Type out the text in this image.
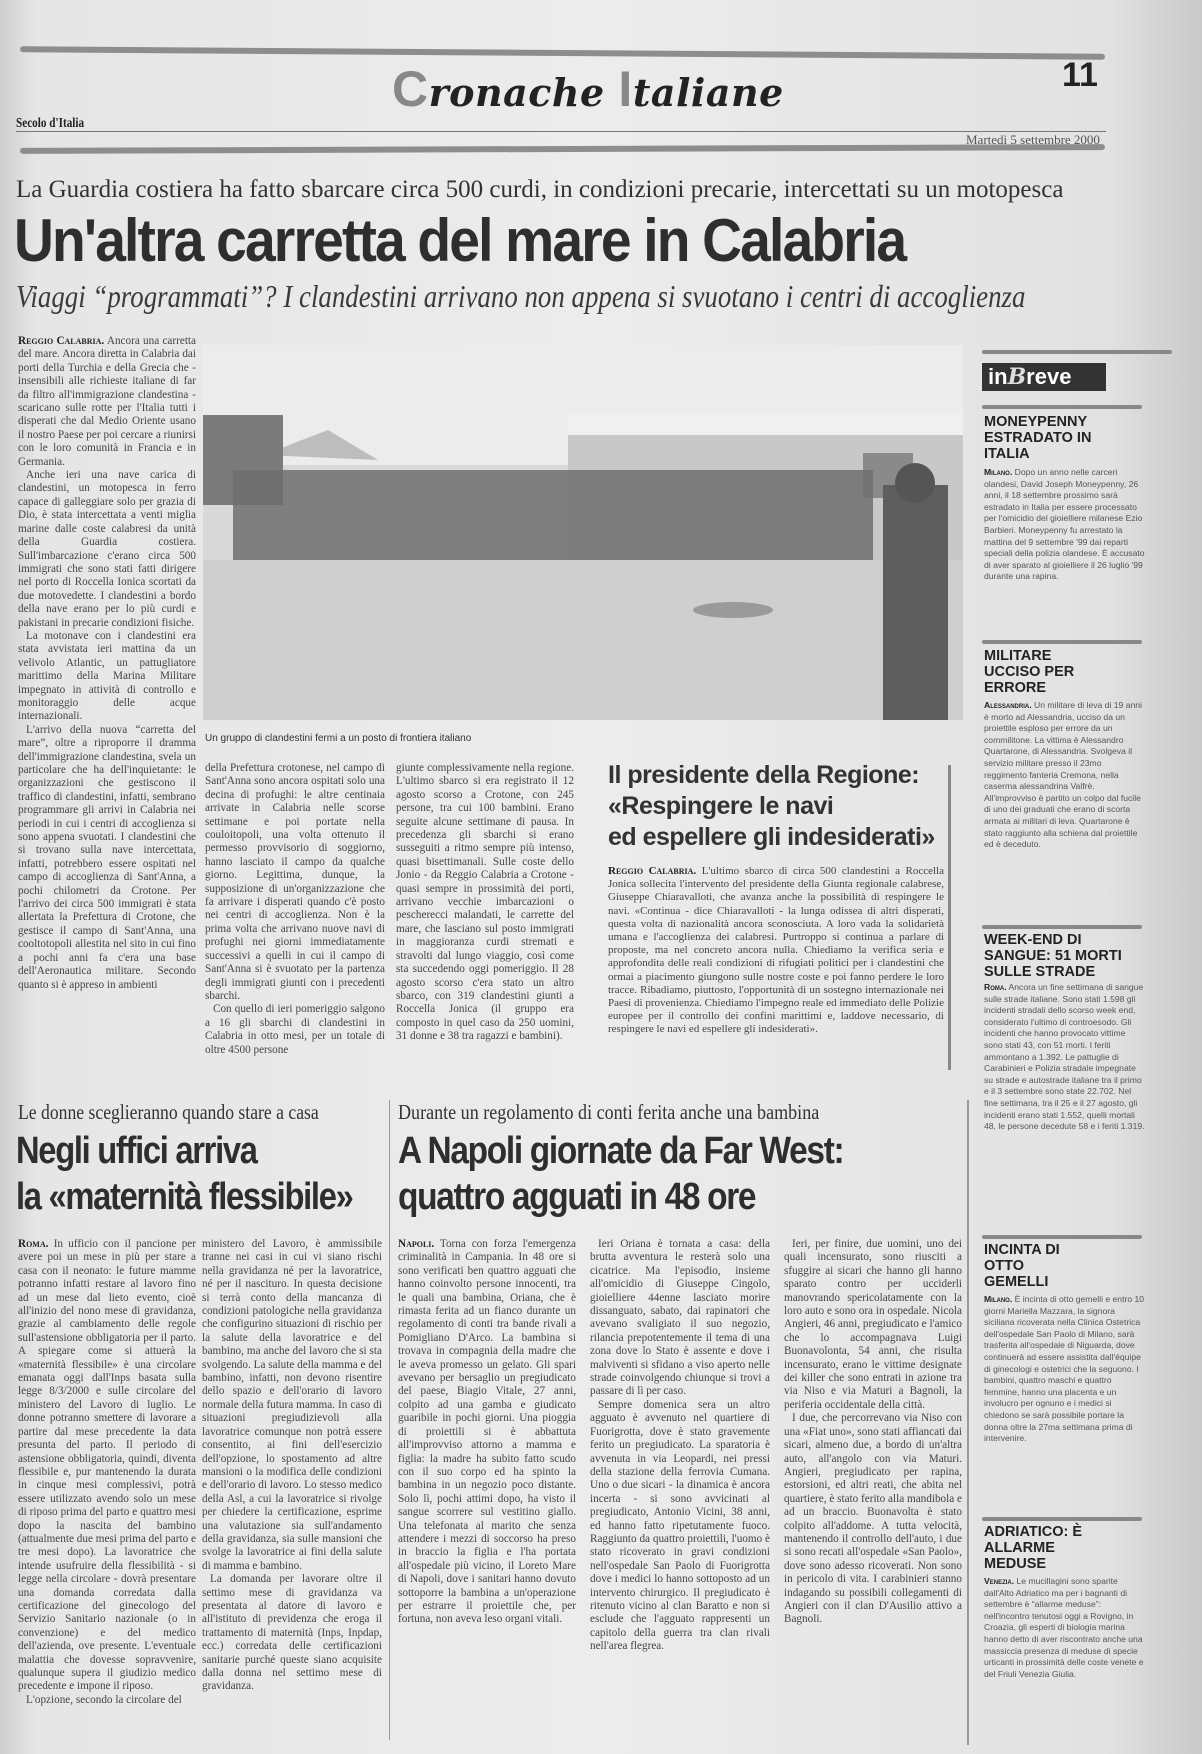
Cronache Italiane	11
Secolo d'Italia
Martedì 5 settembre 2000
La Guardia costiera ha fatto sbarcare circa 500 curdi, in condizioni precarie, intercettati su un motopesca
Un'altra carretta del mare in Calabria
Viaggi “programmati”? I clandestini arrivano non appena si svuotano i centri di accoglienza

Reggio Calabria. Ancora una carretta del mare. Ancora diretta in Calabria dai porti della Turchia e della Grecia che - insensibili alle richieste italiane di far da filtro all'immigrazione clandestina - scaricano sulle rotte per l'Italia tutti i disperati che dal Medio Oriente usano il nostro Paese per poi cercare a riunirsi con le loro comunità in Francia e in Germania.

Anche ieri una nave carica di clandestini, un motopesca in ferro capace di galleggiare solo per grazia di Dio, è stata intercettata a venti miglia marine dalle coste calabresi da unità della Guardia costiera. Sull'imbarcazione c'erano circa 500 immigrati che sono stati fatti dirigere nel porto di Roccella Ionica scortati da due motovedette. I clandestini a bordo della nave erano per lo più curdi e pakistani in precarie condizioni fisiche.

La motonave con i clandestini era stata avvistata ieri mattina da un velivolo Atlantic, un pattugliatore marittimo della Marina Militare impegnato in attività di controllo e monitoraggio delle acque internazionali.

L'arrivo della nuova “carretta del mare”, oltre a riproporre il dramma dell'immigrazione clandestina, svela un particolare che ha dell'inquietante: le organizzazioni che gestiscono il traffico di clandestini, infatti, sembrano programmare gli arrivi in Calabria nei periodi in cui i centri di accoglienza si sono appena svuotati. I clandestini che si trovano sulla nave intercettata, infatti, potrebbero essere ospitati nel campo di accoglienza di Sant'Anna, a pochi chilometri da Crotone. Per l'arrivo dei circa 500 immigrati è stata allertata la Prefettura di Crotone, che gestisce il campo di Sant'Anna, una cooltotopoli allestita nel sito in cui fino a pochi anni fa c'era una base dell'Aeronautica militare. Secondo quanto si è appreso in ambienti

Un gruppo di clandestini fermi a un posto di frontiera italiano

della Prefettura crotonese, nel campo di Sant'Anna sono ancora ospitati solo una decina di profughi: le altre centinaia arrivate in Calabria nelle scorse settimane e poi portate nella couloitopoli, una volta ottenuto il permesso provvisorio di soggiorno, hanno lasciato il campo da qualche giorno. Legittima, dunque, la supposizione di un'organizzazione che fa arrivare i disperati quando c'è posto nei centri di accoglienza. Non è la prima volta che arrivano nuove navi di profughi nei giorni immediatamente successivi a quelli in cui il campo di Sant'Anna si è svuotato per la partenza degli immigrati giunti con i precedenti sbarchi.

Con quello di ieri pomeriggio salgono a 16 gli sbarchi di clandestini in Calabria in otto mesi, per un totale di oltre 4500 persone

giunte complessivamente nella regione. L'ultimo sbarco si era registrato il 12 agosto scorso a Crotone, con 245 persone, tra cui 100 bambini. Erano seguite alcune settimane di pausa. In precedenza gli sbarchi si erano susseguiti a ritmo sempre più intenso, quasi bisettimanali. Sulle coste dello Jonio - da Reggio Calabria a Crotone - quasi sempre in prossimità dei porti, arrivano vecchie imbarcazioni o pescherecci malandati, le carrette del mare, che lasciano sul posto immigrati in maggioranza curdi stremati e stravolti dal lungo viaggio, così come sta succedendo oggi pomeriggio. Il 28 agosto scorso c'era stato un altro sbarco, con 319 clandestini giunti a Roccella Jonica (il gruppo era composto in quel caso da 250 uomini, 31 donne e 38 tra ragazzi e bambini).

Il presidente della Regione:
«Respingere le navi
ed espellere gli indesiderati»

Reggio Calabria. L'ultimo sbarco di circa 500 clandestini a Roccella Jonica sollecita l'intervento del presidente della Giunta regionale calabrese, Giuseppe Chiaravalloti, che avanza anche la possibilità di respingere le navi. «Continua - dice Chiaravalloti - la lunga odissea di altri disperati, questa volta di nazionalità ancora sconosciuta. A loro vada la solidarietà umana e l'accoglienza dei calabresi. Purtroppo si continua a parlare di proposte, ma nel concreto ancora nulla. Chiediamo la verifica seria e approfondita delle reali condizioni di rifugiati politici per i clandestini che ormai a piacimento giungono sulle nostre coste e poi fanno perdere le loro tracce. Ribadiamo, piuttosto, l'opportunità di un sostegno internazionale nei Paesi di provenienza. Chiediamo l'impegno reale ed immediato delle Polizie europee per il controllo dei confini marittimi e, laddove necessario, di respingere le navi ed espellere gli indesiderati».

inBreve
MONEYPENNY ESTRADATO IN ITALIA
Milano. Dopo un anno nelle carceri olandesi, David Joseph Moneypenny, 26 anni, il 18 settembre prossimo sarà estradato in Italia per essere processato per l'omicidio del gioielliere milanese Ezio Barbieri. Moneypenny fu arrestato la mattina del 9 settembre '99 dai reparti speciali della polizia olandese. È accusato di aver sparato al gioielliere il 26 luglio '99 durante una rapina.
MILITARE UCCISO PER ERRORE
Alessandria. Un militare di leva di 19 anni è morto ad Alessandria, ucciso da un proiettile esploso per errore da un commilitone. La vittima è Alessandro Quartarone, di Alessandria. Svolgeva il servizio militare presso il 23mo reggimento fanteria Cremona, nella caserma alessandrina Valfrè. All'improvviso è partito un colpo dal fucile di uno dei graduati che erano di scorta armata ai militari di leva. Quartarone è stato raggiunto alla schiena dal proiettile ed è deceduto.
WEEK-END DI SANGUE: 51 MORTI SULLE STRADE
Roma. Ancora un fine settimana di sangue sulle strade italiane. Sono stati 1.598 gli incidenti stradali dello scorso week end, considerato l'ultimo di controesodo. Gli incidenti che hanno provocato vittime sono stati 43, con 51 morti. I feriti ammontano a 1.392. Le pattuglie di Carabinieri e Polizia stradale impegnate su strade e autostrade italiane tra il primo e il 3 settembre sono state 22.702. Nel fine settimana, tra il 25 e il 27 agosto, gli incidenti erano stati 1.552, quelli mortali 48, le persone decedute 58 e i feriti 1.319.
INCINTA DI OTTO GEMELLI
Milano. È incinta di otto gemelli e entro 10 giorni Mariella Mazzara, la signora siciliana ricoverata nella Clinica Ostetrica dell'ospedale San Paolo di Milano, sarà trasferita all'ospedale di Niguarda, dove continuerà ad essere assistita dall'équipe di ginecologi e ostetrici che la seguono. I bambini, quattro maschi e quattro femmine, hanno una placenta e un involucro per ognuno e i medici si chiedono se sarà possibile portare la donna oltre la 27ma settimana prima di intervenire.
ADRIATICO: È ALLARME MEDUSE
Venezia. Le mucillagini sono sparite dall'Alto Adriatico ma per i bagnanti di settembre è “allarme meduse”: nell'incontro tenutosi oggi a Rovigno, in Croazia, gli esperti di biologia marina hanno detto di aver riscontrato anche una massiccia presenza di meduse di specie urticanti in prossimità delle coste venete e del Friuli Venezia Giulia.
Le donne sceglieranno quando stare a casa
Negli uffici arriva
la «maternità flessibile»

Roma. In ufficio con il pancione per avere poi un mese in più per stare a casa con il neonato: le future mamme potranno infatti restare al lavoro fino ad un mese dal lieto evento, cioè all'inizio del nono mese di gravidanza, grazie al cambiamento delle regole sull'astensione obbligatoria per il parto. A spiegare come si attuerà la «maternità flessibile» è una circolare emanata oggi dall'Inps basata sulla legge 8/3/2000 e sulle circolare del ministero del Lavoro di luglio. Le donne potranno smettere di lavorare a partire dal mese precedente la data presunta del parto. Il periodo di astensione obbligatoria, quindi, diventa flessibile e, pur mantenendo la durata in cinque mesi complessivi, potrà essere utilizzato avendo solo un mese di riposo prima del parto e quattro mesi dopo la nascita del bambino (attualmente due mesi prima del parto e tre mesi dopo). La lavoratrice che intende usufruire della flessibilità - si legge nella circolare - dovrà presentare una domanda corredata dalla certificazione del ginecologo del Servizio Sanitario nazionale (o in convenzione) e del medico dell'azienda, ove presente. L'eventuale malattia che dovesse sopravvenire, qualunque supera il giudizio medico precedente e impone il riposo.

L'opzione, secondo la circolare del

ministero del Lavoro, è ammissibile tranne nei casi in cui vi siano rischi nella gravidanza né per la lavoratrice, né per il nascituro. In questa decisione si terrà conto della mancanza di condizioni patologiche nella gravidanza che configurino situazioni di rischio per la salute della lavoratrice e del bambino, ma anche del lavoro che si sta svolgendo. La salute della mamma e del bambino, infatti, non devono risentire dello spazio e dell'orario di lavoro normale della futura mamma. In caso di situazioni pregiudizievoli alla lavoratrice comunque non potrà essere consentito, ai fini dell'esercizio dell'opzione, lo spostamento ad altre mansioni o la modifica delle condizioni e dell'orario di lavoro. Lo stesso medico della Asl, a cui la lavoratrice si rivolge per chiedere la certificazione, esprime una valutazione sia sull'andamento della gravidanza, sia sulle mansioni che svolge la lavoratrice ai fini della salute di mamma e bambino.

La domanda per lavorare oltre il settimo mese di gravidanza va presentata al datore di lavoro e all'istituto di previdenza che eroga il trattamento di maternità (Inps, Inpdap, ecc.) corredata delle certificazioni sanitarie purché queste siano acquisite dalla donna nel settimo mese di gravidanza.

Durante un regolamento di conti ferita anche una bambina
A Napoli giornate da Far West:
quattro agguati in 48 ore

Napoli. Torna con forza l'emergenza criminalità in Campania. In 48 ore si sono verificati ben quattro agguati che hanno coinvolto persone innocenti, tra le quali una bambina, Oriana, che è rimasta ferita ad un fianco durante un regolamento di conti tra bande rivali a Pomigliano D'Arco. La bambina si trovava in compagnia della madre che le aveva promesso un gelato. Gli spari avevano per bersaglio un pregiudicato del paese, Biagio Vitale, 27 anni, colpito ad una gamba e giudicato guaribile in pochi giorni. Una pioggia di proiettili si è abbattuta all'improvviso attorno a mamma e figlia: la madre ha subito fatto scudo con il suo corpo ed ha spinto la bambina in un negozio poco distante. Solo lì, pochi attimi dopo, ha visto il sangue scorrere sul vestitino giallo. Una telefonata al marito che senza attendere i mezzi di soccorso ha preso in braccio la figlia e l'ha portata all'ospedale più vicino, il Loreto Mare di Napoli, dove i sanitari hanno dovuto sottoporre la bambina a un'operazione per estrarre il proiettile che, per fortuna, non aveva leso organi vitali.

Ieri Oriana è tornata a casa: della brutta avventura le resterà solo una cicatrice. Ma l'episodio, insieme all'omicidio di Giuseppe Cingolo, gioielliere 44enne lasciato morire dissanguato, sabato, dai rapinatori che avevano svaligiato il suo negozio, rilancia prepotentemente il tema di una zona dove lo Stato è assente e dove i malviventi si sfidano a viso aperto nelle strade coinvolgendo chiunque si trovi a passare di lì per caso.

Sempre domenica sera un altro agguato è avvenuto nel quartiere di Fuorigrotta, dove è stato gravemente ferito un pregiudicato. La sparatoria è avvenuta in via Leopardi, nei pressi della stazione della ferrovia Cumana. Uno o due sicari - la dinamica è ancora incerta - si sono avvicinati al pregiudicato, Antonio Vicini, 38 anni, ed hanno fatto ripetutamente fuoco. Raggiunto da quattro proiettili, l'uomo è stato ricoverato in gravi condizioni nell'ospedale San Paolo di Fuorigrotta dove i medici lo hanno sottoposto ad un intervento chirurgico. Il pregiudicato è ritenuto vicino al clan Baratto e non si esclude che l'agguato rappresenti un capitolo della guerra tra clan rivali nell'area flegrea.

Ieri, per finire, due uomini, uno dei quali incensurato, sono riusciti a sfuggire ai sicari che hanno gli hanno sparato contro per ucciderli manovrando spericolatamente con la loro auto e sono ora in ospedale. Nicola Angieri, 46 anni, pregiudicato e l'amico che lo accompagnava Luigi Buonavolonta, 54 anni, che risulta incensurato, erano le vittime designate dei killer che sono entrati in azione tra via Niso e via Maturi a Bagnoli, la periferia occidentale della città.

I due, che percorrevano via Niso con una «Fiat uno», sono stati affiancati dai sicari, almeno due, a bordo di un'altra auto, all'angolo con via Maturi. Angieri, pregiudicato per rapina, estorsioni, ed altri reati, che abita nel quartiere, è stato ferito alla mandibola e ad un braccio. Buonavolta è stato colpito all'addome. A tutta velocità, mantenendo il controllo dell'auto, i due si sono recati all'ospedale «San Paolo», dove sono adesso ricoverati. Non sono in pericolo di vita. I carabinieri stanno indagando su possibili collegamenti di Angieri con il clan D'Ausilio attivo a Bagnoli.
